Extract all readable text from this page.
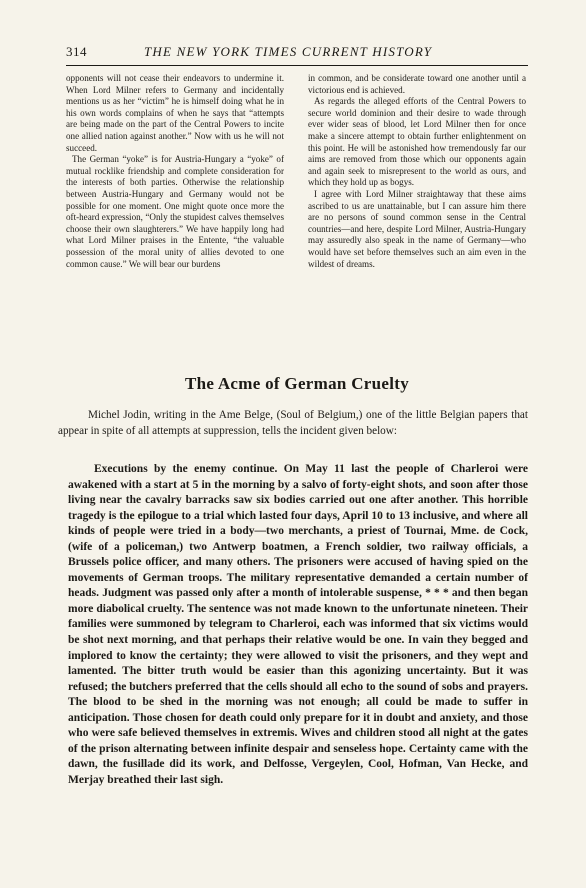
314	THE NEW YORK TIMES CURRENT HISTORY

opponents will not cease their endeavors to undermine it. When Lord Milner refers to Germany and incidentally mentions us as her “victim” he is himself doing what he in his own words complains of when he says that “attempts are being made on the part of the Central Powers to incite one allied nation against another.” Now with us he will not succeed.

The German “yoke” is for Austria-Hungary a “yoke” of mutual rocklike friendship and complete consideration for the interests of both parties. Otherwise the relationship between Austria-Hungary and Germany would not be possible for one moment. One might quote once more the oft-heard expression, “Only the stupidest calves themselves choose their own slaughterers.” We have happily long had what Lord Milner praises in the Entente, “the valuable possession of the moral unity of allies devoted to one common cause.” We will bear our burdens

in common, and be considerate toward one another until a victorious end is achieved.

As regards the alleged efforts of the Central Powers to secure world dominion and their desire to wade through ever wider seas of blood, let Lord Milner then for once make a sincere attempt to obtain further enlightenment on this point. He will be astonished how tremendously far our aims are removed from those which our opponents again and again seek to misrepresent to the world as ours, and which they hold up as bogys.

I agree with Lord Milner straightaway that these aims ascribed to us are unattainable, but I can assure him there are no persons of sound common sense in the Central countries—and here, despite Lord Milner, Austria-Hungary may assuredly also speak in the name of Germany—who would have set before themselves such an aim even in the wildest of dreams.

The Acme of German Cruelty

Michel Jodin, writing in the Ame Belge, (Soul of Belgium,) one of the little Belgian papers that appear in spite of all attempts at suppression, tells the incident given below:

Executions by the enemy continue. On May 11 last the people of Charleroi were awakened with a start at 5 in the morning by a salvo of forty-eight shots, and soon after those living near the cavalry barracks saw six bodies carried out one after another. This horrible tragedy is the epilogue to a trial which lasted four days, April 10 to 13 inclusive, and where all kinds of people were tried in a body—two merchants, a priest of Tournai, Mme. de Cock, (wife of a policeman,) two Antwerp boatmen, a French soldier, two railway officials, a Brussels police officer, and many others. The prisoners were accused of having spied on the movements of German troops. The military representative demanded a certain number of heads. Judgment was passed only after a month of intolerable suspense, * * * and then began more diabolical cruelty. The sentence was not made known to the unfortunate nineteen. Their families were summoned by telegram to Charleroi, each was informed that six victims would be shot next morning, and that perhaps their relative would be one. In vain they begged and implored to know the certainty; they were allowed to visit the prisoners, and they wept and lamented. The bitter truth would be easier than this agonizing uncertainty. But it was refused; the butchers preferred that the cells should all echo to the sound of sobs and prayers. The blood to be shed in the morning was not enough; all could be made to suffer in anticipation. Those chosen for death could only prepare for it in doubt and anxiety, and those who were safe believed themselves in extremis. Wives and children stood all night at the gates of the prison alternating between infinite despair and senseless hope. Certainty came with the dawn, the fusillade did its work, and Delfosse, Vergeylen, Cool, Hofman, Van Hecke, and Merjay breathed their last sigh.
